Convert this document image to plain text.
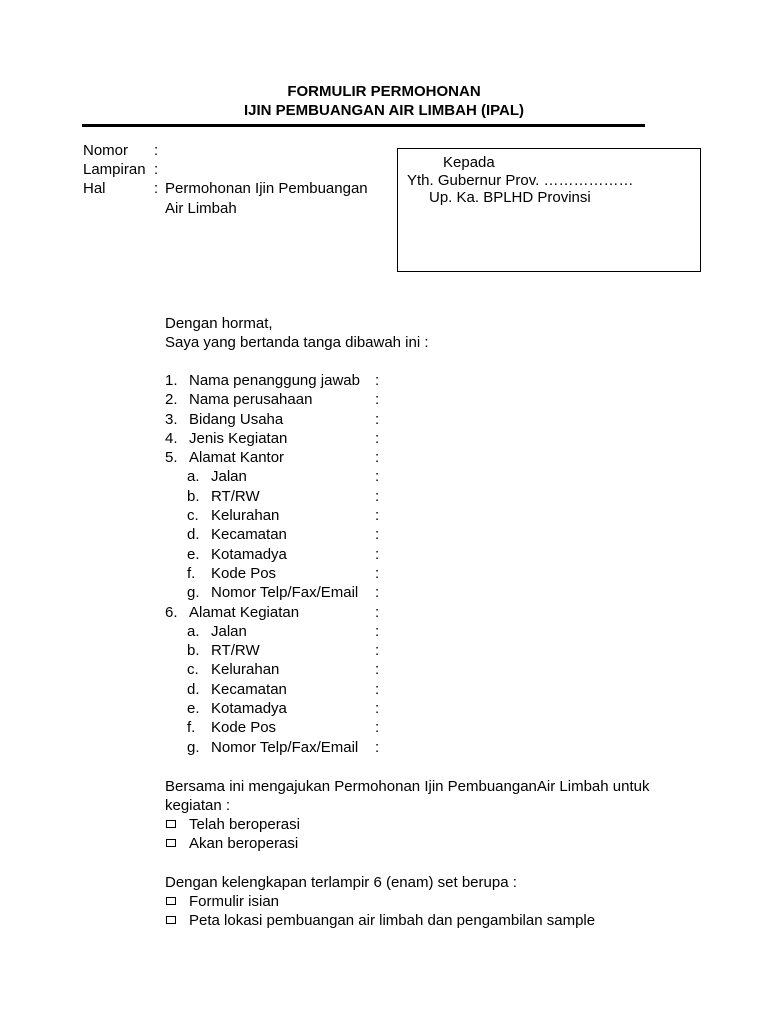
FORMULIR PERMOHONAN
IJIN PEMBUANGAN AIR LIMBAH (IPAL)
Nomor :
Lampiran :
Hal	: Permohonan Ijin Pembuangan
Air Limbah
Kepada
Yth. Gubernur Prov. ………………
Up. Ka. BPLHD Provinsi
Dengan hormat,
Saya yang bertanda tanga dibawah ini :
1. Nama penanggung jawab :
2. Nama perusahaan	:
3. Bidang Usaha	:
4. Jenis Kegiatan	:
5. Alamat Kantor	:
a. Jalan	:
b. RT/RW	:
c. Kelurahan	:
d. Kecamatan	:
e. Kotamadya	:
f. Kode Pos	:
g. Nomor Telp/Fax/Email :
6. Alamat Kegiatan	:
a. Jalan	:
b. RT/RW	:
c. Kelurahan	:
d. Kecamatan	:
e. Kotamadya	:
f. Kode Pos	:
g. Nomor Telp/Fax/Email :
Bersama ini mengajukan Permohonan Ijin PembuanganAir Limbah untuk
kegiatan :
Telah beroperasi
Akan beroperasi
Dengan kelengkapan terlampir 6 (enam) set berupa :
Formulir isian
Peta lokasi pembuangan air limbah dan pengambilan sample
